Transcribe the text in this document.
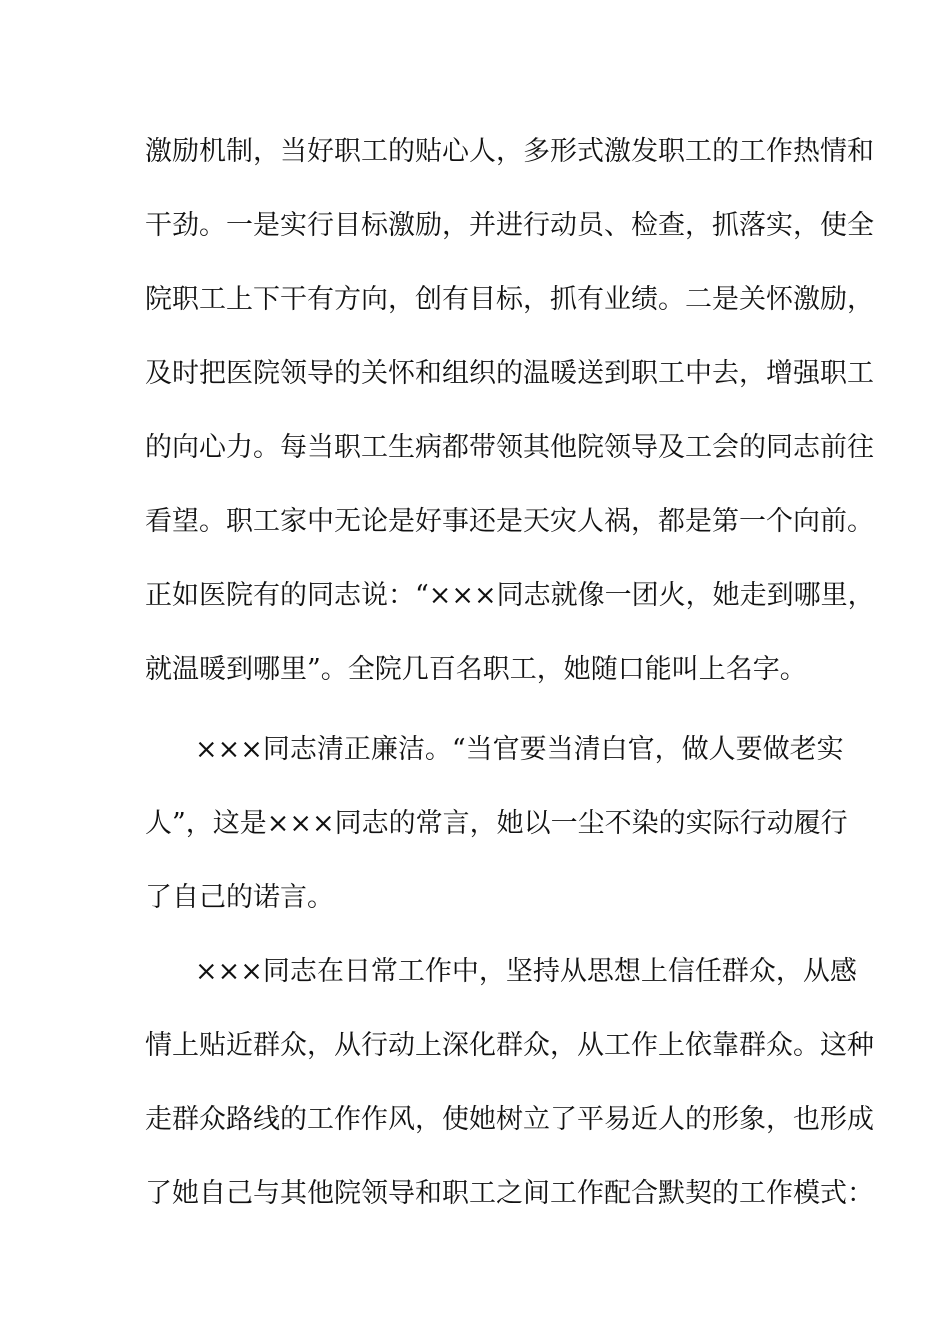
激励机制，当好职工的贴心人，多形式激发职工的工作热情和
干劲。一是实行目标激励，并进行动员、检查，抓落实，使全
院职工上下干有方向，创有目标，抓有业绩。二是关怀激励，
及时把医院领导的关怀和组织的温暖送到职工中去，增强职工
的向心力。每当职工生病都带领其他院领导及工会的同志前往
看望。职工家中无论是好事还是天灾人祸，都是第一个向前。
正如医院有的同志说：“×××同志就像一团火，她走到哪里，
就温暖到哪里”。全院几百名职工，她随口能叫上名字。
×××同志清正廉洁。“当官要当清白官，做人要做老实
人”，这是×××同志的常言，她以一尘不染的实际行动履行
了自己的诺言。
×××同志在日常工作中，坚持从思想上信任群众，从感
情上贴近群众，从行动上深化群众，从工作上依靠群众。这种
走群众路线的工作作风，使她树立了平易近人的形象，也形成
了她自己与其他院领导和职工之间工作配合默契的工作模式：
